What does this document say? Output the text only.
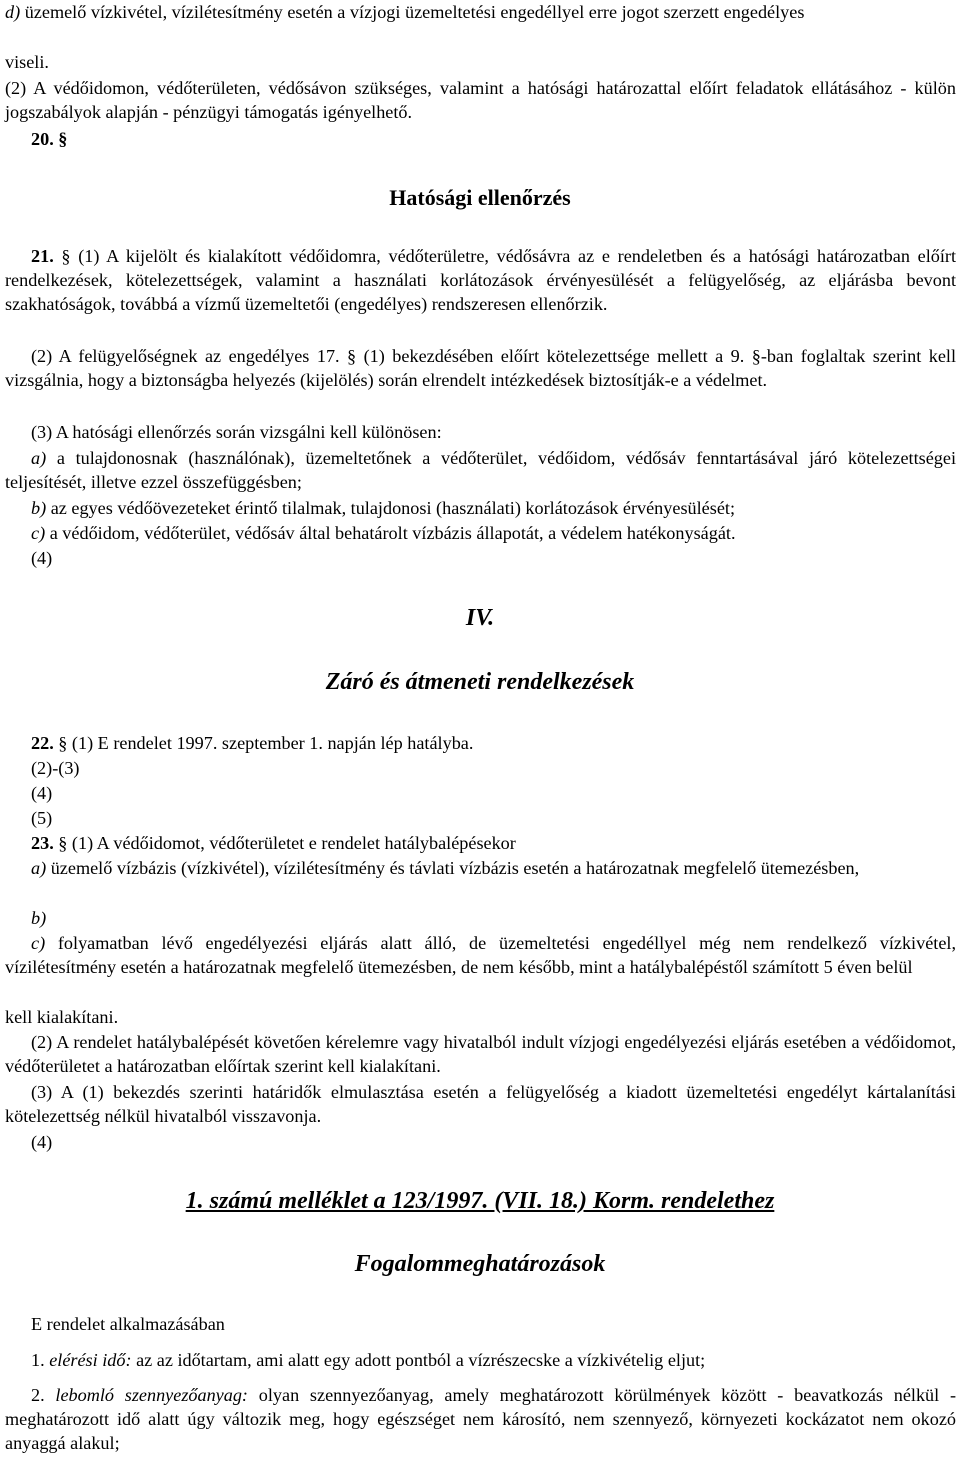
d) üzemelő vízkivétel, vízilétesítmény esetén a vízjogi üzemeltetési engedéllyel erre jogot szerzett engedélyes

viseli.

(2) A védőidomon, védőterületen, védősávon szükséges, valamint a hatósági határozattal előírt feladatok ellátásához - külön jogszabályok alapján - pénzügyi támogatás igényelhető.

20. §

Hatósági ellenőrzés

21. § (1) A kijelölt és kialakított védőidomra, védőterületre, védősávra az e rendeletben és a hatósági határozatban előírt rendelkezések, kötelezettségek, valamint a használati korlátozások érvényesülését a felügyelőség, az eljárásba bevont szakhatóságok, továbbá a vízmű üzemeltetői (engedélyes) rendszeresen ellenőrzik.

(2) A felügyelőségnek az engedélyes 17. § (1) bekezdésében előírt kötelezettsége mellett a 9. §-ban foglaltak szerint kell vizsgálnia, hogy a biztonságba helyezés (kijelölés) során elrendelt intézkedések biztosítják-e a védelmet.

(3) A hatósági ellenőrzés során vizsgálni kell különösen:

a) a tulajdonosnak (használónak), üzemeltetőnek a védőterület, védőidom, védősáv fenntartásával járó kötelezettségei teljesítését, illetve ezzel összefüggésben;

b) az egyes védőövezeteket érintő tilalmak, tulajdonosi (használati) korlátozások érvényesülését;

c) a védőidom, védőterület, védősáv által behatárolt vízbázis állapotát, a védelem hatékonyságát.

(4)

IV.

Záró és átmeneti rendelkezések

22. § (1) E rendelet 1997. szeptember 1. napján lép hatályba.

(2)-(3)

(4)

(5)

23. § (1) A védőidomot, védőterületet e rendelet hatálybalépésekor

a) üzemelő vízbázis (vízkivétel), vízilétesítmény és távlati vízbázis esetén a határozatnak megfelelő ütemezésben,

b)

c) folyamatban lévő engedélyezési eljárás alatt álló, de üzemeltetési engedéllyel még nem rendelkező vízkivétel, vízilétesítmény esetén a határozatnak megfelelő ütemezésben, de nem később, mint a hatálybalépéstől számított 5 éven belül

kell kialakítani.

(2) A rendelet hatálybalépését követően kérelemre vagy hivatalból indult vízjogi engedélyezési eljárás esetében a védőidomot, védőterületet a határozatban előírtak szerint kell kialakítani.

(3) A (1) bekezdés szerinti határidők elmulasztása esetén a felügyelőség a kiadott üzemeltetési engedélyt kártalanítási kötelezettség nélkül hivatalból visszavonja.

(4)

1. számú melléklet a 123/1997. (VII. 18.) Korm. rendelethez

Fogalommeghatározások

E rendelet alkalmazásában

1. elérési idő: az az időtartam, ami alatt egy adott pontból a vízrészecske a vízkivételig eljut;

2. lebomló szennyezőanyag: olyan szennyezőanyag, amely meghatározott körülmények között - beavatkozás nélkül - meghatározott idő alatt úgy változik meg, hogy egészséget nem károsító, nem szennyező, környezeti kockázatot nem okozó anyaggá alakul;
